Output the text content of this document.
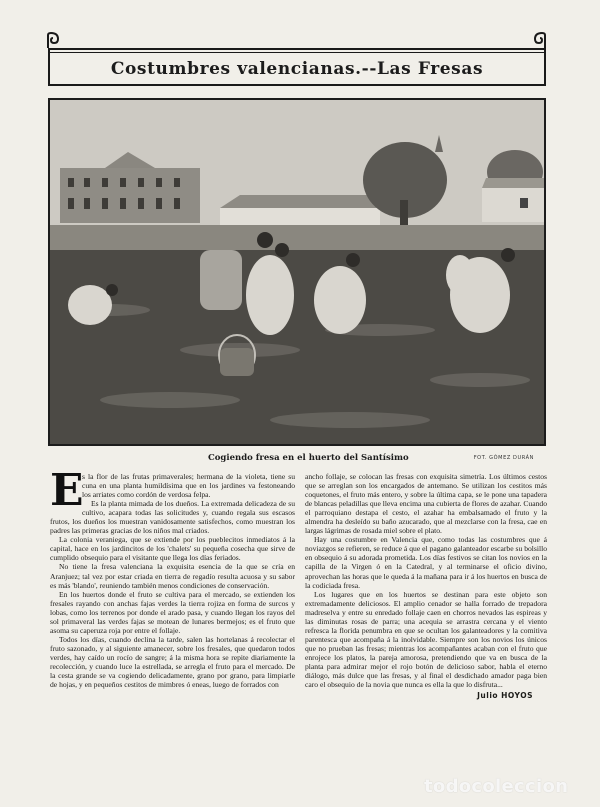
Costumbres valencianas.--Las Fresas
Cogiendo fresa en el huerto del Santísimo	FOT. GÓMEZ DURÁN
E

s la flor de las frutas primaverales; hermana de la violeta, tiene su cuna en una planta humildísima que en los jardines va festoneando los arriates como cordón de verdosa felpa.

Es la planta mimada de los dueños. La extremada delicadeza de su cultivo, acapara todas las solicitudes y, cuando regala sus escasos frutos, los dueños los muestran vanidosamente satisfechos, como muestran los padres las primeras gracias de los niños mal criados.

La colonia veraniega, que se extiende por los pueblecitos inmediatos á la capital, hace en los jardincitos de los 'chalets' su pequeña cosecha que sirve de cumplido obsequio para el visitante que llega los días feriados.

No tiene la fresa valenciana la exquisita esencia de la que se cría en Aranjuez; tal vez por estar criada en tierra de regadío resulta acuosa y su sabor es más 'blando', reuniendo también menos condiciones de conservación.

En los huertos donde el fruto se cultiva para el mercado, se extienden los fresales rayando con anchas fajas verdes la tierra rojiza en forma de surcos y lobas, como los terrenos por donde el arado pasa, y cuando llegan los rayos del sol primaveral las verdes fajas se motean de lunares bermejos; es el fruto que asoma su caperuza roja por entre el follaje.

Todos los días, cuando declina la tarde, salen las hortelanas á recolectar el fruto sazonado, y al siguiente amanecer, sobre los fresales, que quedaron todos verdes, hay caído un rocío de sangre; á la misma hora se repite diariamente la recolección, y cuando luce la estrellada, se arregla el fruto para el mercado. De la cesta grande se va cogiendo delicadamente, grano por grano, para limpiarle de hojas, y en pequeños cestitos de mimbres ó eneas, luego de forrados con

ancho follaje, se colocan las fresas con exquisita simetría. Los últimos cestos que se arreglan son los encargados de antemano. Se utilizan los cestitos más coquetones, el fruto más entero, y sobre la última capa, se le pone una tapadera de blancas peladillas que lleva encima una cubierta de flores de azahar. Cuando el parroquiano destapa el cesto, el azahar ha embalsamado el fruto y la almendra ha desleído su baño azucarado, que al mezclarse con la fresa, cae en largas lágrimas de rosada miel sobre el plato.

Hay una costumbre en Valencia que, como todas las costumbres que á noviazgos se refieren, se reduce á que el pagano galanteador escarbe su bolsillo en obsequio á su adorada prometida. Los días festivos se citan los novios en la capilla de la Virgen ó en la Catedral, y al terminarse el oficio divino, aprovechan las horas que le queda á la mañana para ir á los huertos en busca de la codiciada fresa.

Los lugares que en los huertos se destinan para este objeto son extremadamente deliciosos. El amplio cenador se halla forrado de trepadora madreselva y entre su enredado follaje caen en chorros nevados las espireas y las diminutas rosas de parra; una acequia se arrastra cercana y el viento refresca la florida penumbra en que se ocultan los galanteadores y la comitiva parentesca que acompaña á la inolvidable. Siempre son los novios los únicos que no prueban las fresas; mientras los acompañantes acaban con el fruto que enrojece los platos, la pareja amorosa, pretendiendo que va en busca de la planta para admirar mejor el rojo botón de delicioso sabor, habla el eterno diálogo, más dulce que las fresas, y al final el desdichado amador paga bien caro el obsequio de la novia que nunca es ella la que lo disfruta...

Julio HOYOS
todocoleccion
